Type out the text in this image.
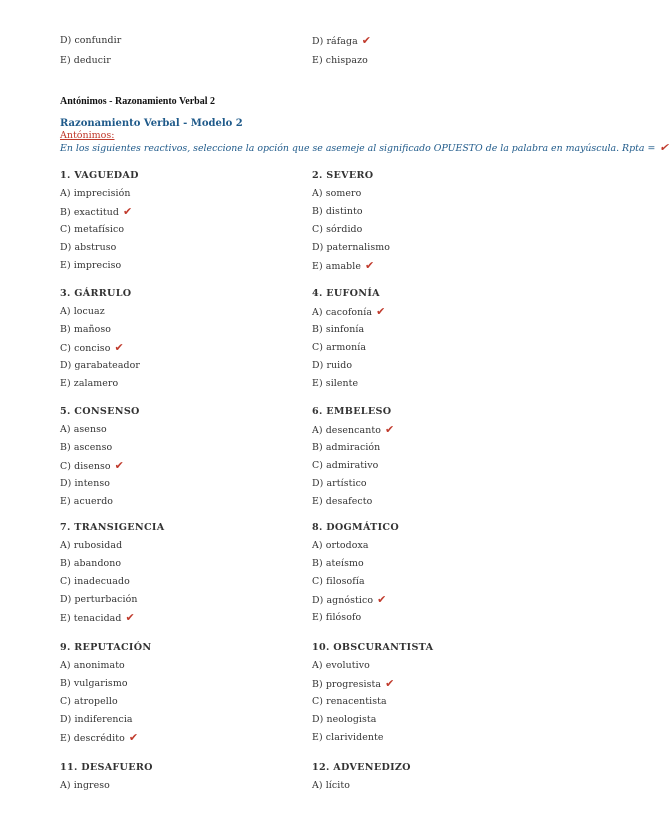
D) confundir
E) deducir
D) ráfaga ✔
E) chispazo
Antónimos - Razonamiento Verbal 2
Razonamiento Verbal - Modelo 2
Antónimos:
En los siguientes reactivos, seleccione la opción que se asemeje al significado OPUESTO de la palabra en mayúscula. Rpta = ✔
1. VAGUEDAD
A) imprecisión
B) exactitud ✔
C) metafísico
D) abstruso
E) impreciso
2. SEVERO
A) somero
B) distinto
C) sórdido
D) paternalismo
E) amable ✔
3. GÁRRULO
A) locuaz
B) mañoso
C) conciso ✔
D) garabateador
E) zalamero
4. EUFONÍA
A) cacofonía ✔
B) sinfonía
C) armonía
D) ruido
E) silente
5. CONSENSO
A) asenso
B) ascenso
C) disenso ✔
D) intenso
E) acuerdo
6. EMBELESO
A) desencanto ✔
B) admiración
C) admirativo
D) artístico
E) desafecto
7. TRANSIGENCIA
A) rubosidad
B) abandono
C) inadecuado
D) perturbación
E) tenacidad ✔
8. DOGMÁTICO
A) ortodoxa
B) ateísmo
C) filosofía
D) agnóstico ✔
E) filósofo
9. REPUTACIÓN
A) anonimato
B) vulgarismo
C) atropello
D) indiferencia
E) descrédito ✔
10. OBSCURANTISTA
A) evolutivo
B) progresista ✔
C) renacentista
D) neologista
E) clarividente
11. DESAFUERO
A) ingreso
12. ADVENEDIZO
A) lícito
